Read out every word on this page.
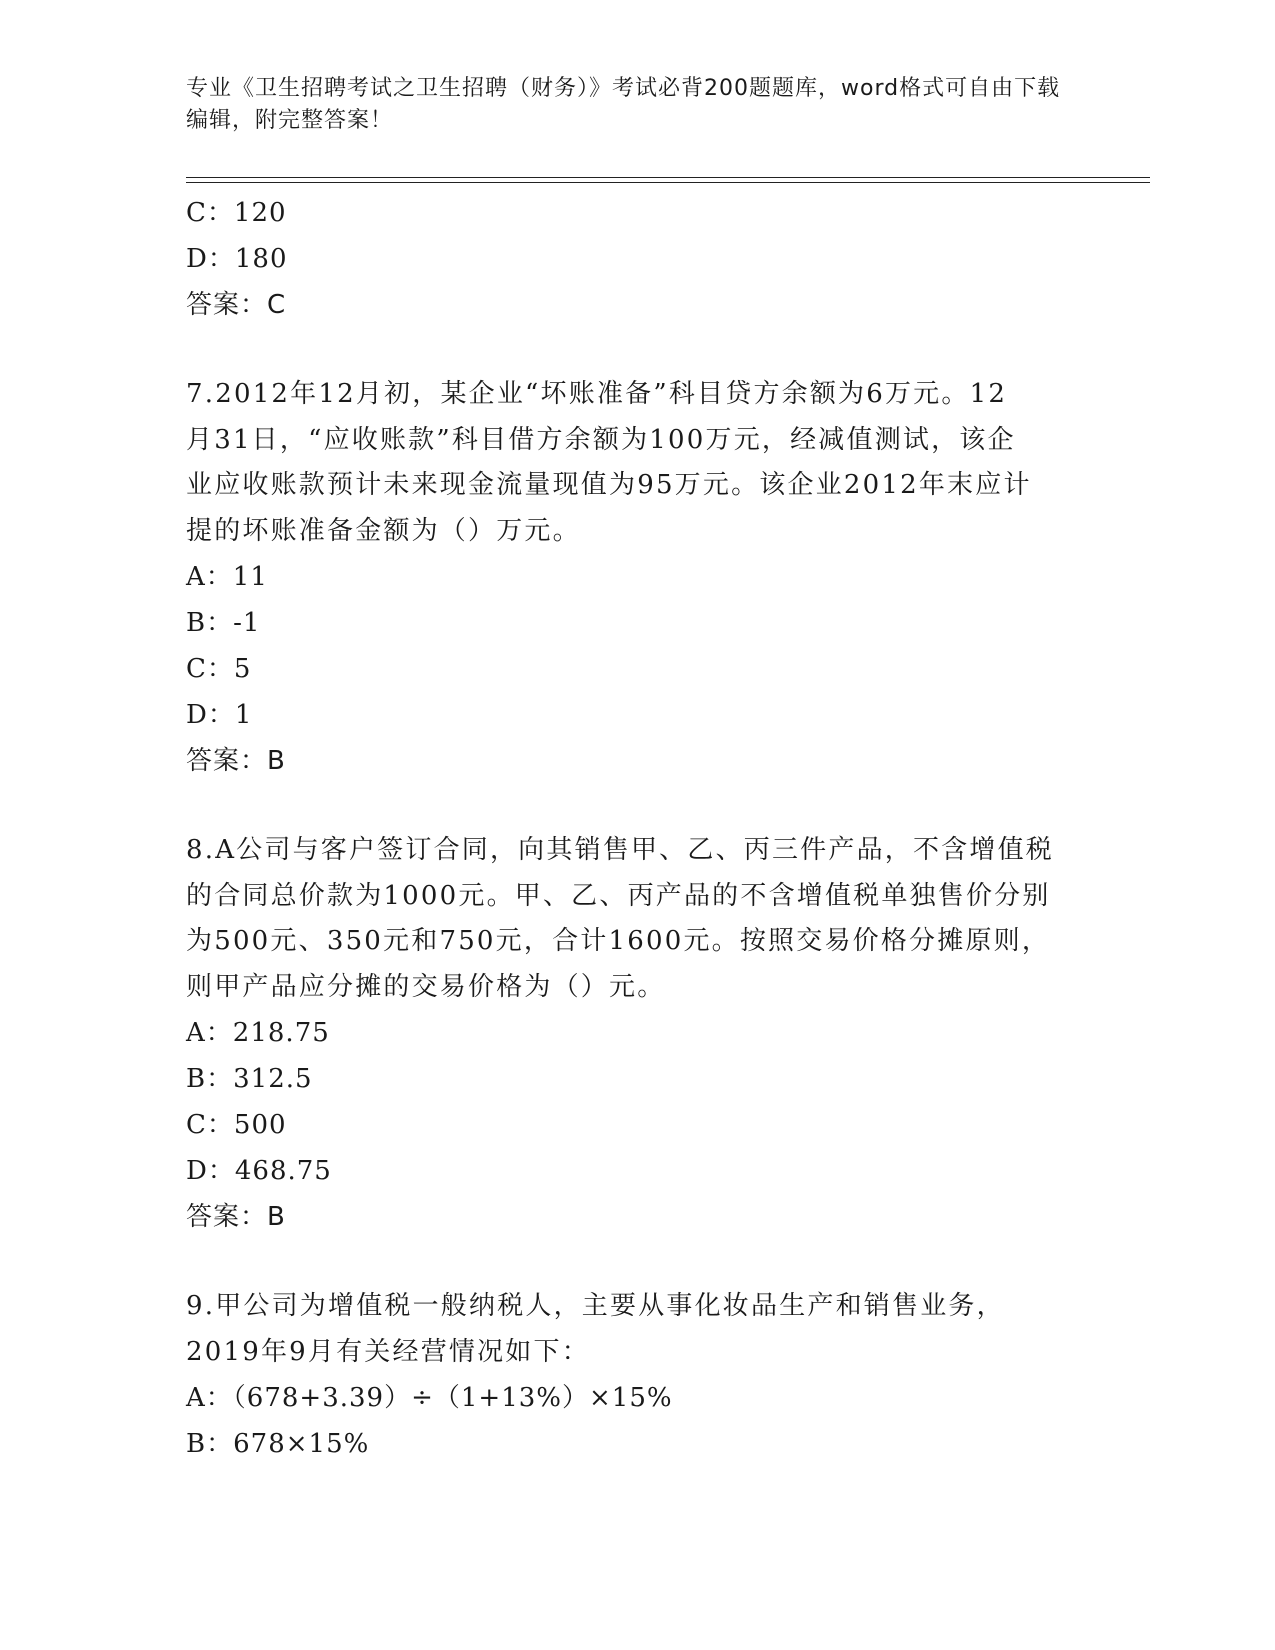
专业《卫生招聘考试之卫生招聘（财务）》考试必背200题题库，word格式可自由下载编辑，附完整答案！
C：120
D：180
答案：C
7.2012年12月初，某企业“坏账准备”科目贷方余额为6万元。12
月31日，“应收账款”科目借方余额为100万元，经减值测试，该企
业应收账款预计未来现金流量现值为95万元。该企业2012年末应计
提的坏账准备金额为（）万元。
A：11
B：-1
C：5
D：1
答案：B
8.A公司与客户签订合同，向其销售甲、乙、丙三件产品，不含增值税
的合同总价款为1000元。甲、乙、丙产品的不含增值税单独售价分别
为500元、350元和750元，合计1600元。按照交易价格分摊原则，
则甲产品应分摊的交易价格为（）元。
A：218.75
B：312.5
C：500
D：468.75
答案：B
9.甲公司为增值税一般纳税人，主要从事化妆品生产和销售业务，
2019年9月有关经营情况如下：
A：（678+3.39）÷（1+13%）×15%
B：678×15%
